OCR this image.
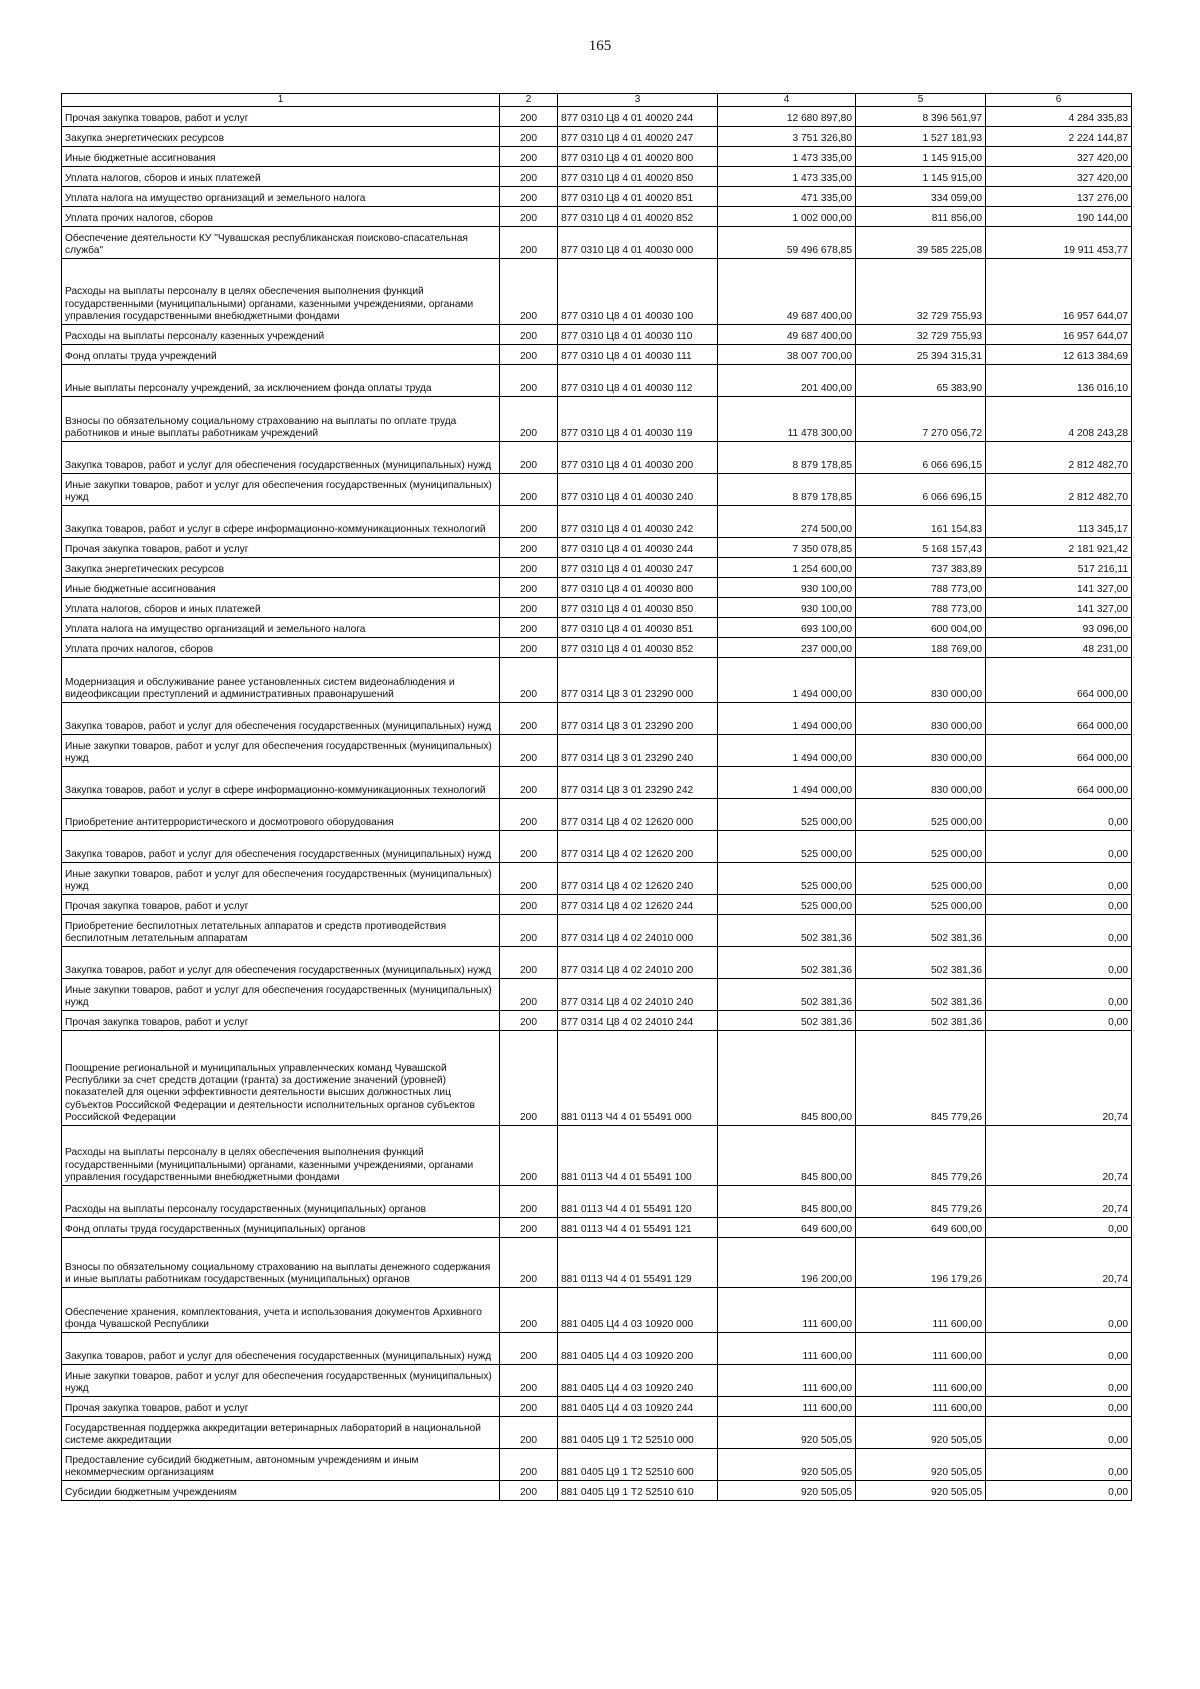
165
1	2	3	4	5	6
Прочая закупка товаров, работ и услуг	200	877 0310 Ц8 4 01 40020 244	12 680 897,80	8 396 561,97	4 284 335,83
Закупка энергетических ресурсов	200	877 0310 Ц8 4 01 40020 247	3 751 326,80	1 527 181,93	2 224 144,87
Иные бюджетные ассигнования	200	877 0310 Ц8 4 01 40020 800	1 473 335,00	1 145 915,00	327 420,00
Уплата налогов, сборов и иных платежей	200	877 0310 Ц8 4 01 40020 850	1 473 335,00	1 145 915,00	327 420,00
Уплата налога на имущество организаций и земельного налога	200	877 0310 Ц8 4 01 40020 851	471 335,00	334 059,00	137 276,00
Уплата прочих налогов, сборов	200	877 0310 Ц8 4 01 40020 852	1 002 000,00	811 856,00	190 144,00
Обеспечение деятельности КУ "Чувашская республиканская поисково-спасательная служба"	200	877 0310 Ц8 4 01 40030 000	59 496 678,85	39 585 225,08	19 911 453,77
Расходы на выплаты персоналу в целях обеспечения выполнения функций государственными (муниципальными) органами, казенными учреждениями, органами управления государственными внебюджетными фондами	200	877 0310 Ц8 4 01 40030 100	49 687 400,00	32 729 755,93	16 957 644,07
Расходы на выплаты персоналу казенных учреждений	200	877 0310 Ц8 4 01 40030 110	49 687 400,00	32 729 755,93	16 957 644,07
Фонд оплаты труда учреждений	200	877 0310 Ц8 4 01 40030 111	38 007 700,00	25 394 315,31	12 613 384,69
Иные выплаты персоналу учреждений, за исключением фонда оплаты труда	200	877 0310 Ц8 4 01 40030 112	201 400,00	65 383,90	136 016,10
Взносы по обязательному социальному страхованию на выплаты по оплате труда работников и иные выплаты работникам учреждений	200	877 0310 Ц8 4 01 40030 119	11 478 300,00	7 270 056,72	4 208 243,28
Закупка товаров, работ и услуг для обеспечения государственных (муниципальных) нужд	200	877 0310 Ц8 4 01 40030 200	8 879 178,85	6 066 696,15	2 812 482,70
Иные закупки товаров, работ и услуг для обеспечения государственных (муниципальных) нужд	200	877 0310 Ц8 4 01 40030 240	8 879 178,85	6 066 696,15	2 812 482,70
Закупка товаров, работ и услуг в сфере информационно-коммуникационных технологий	200	877 0310 Ц8 4 01 40030 242	274 500,00	161 154,83	113 345,17
Прочая закупка товаров, работ и услуг	200	877 0310 Ц8 4 01 40030 244	7 350 078,85	5 168 157,43	2 181 921,42
Закупка энергетических ресурсов	200	877 0310 Ц8 4 01 40030 247	1 254 600,00	737 383,89	517 216,11
Иные бюджетные ассигнования	200	877 0310 Ц8 4 01 40030 800	930 100,00	788 773,00	141 327,00
Уплата налогов, сборов и иных платежей	200	877 0310 Ц8 4 01 40030 850	930 100,00	788 773,00	141 327,00
Уплата налога на имущество организаций и земельного налога	200	877 0310 Ц8 4 01 40030 851	693 100,00	600 004,00	93 096,00
Уплата прочих налогов, сборов	200	877 0310 Ц8 4 01 40030 852	237 000,00	188 769,00	48 231,00
Модернизация и обслуживание ранее установленных систем видеонаблюдения и видеофиксации преступлений и административных правонарушений	200	877 0314 Ц8 3 01 23290 000	1 494 000,00	830 000,00	664 000,00
Закупка товаров, работ и услуг для обеспечения государственных (муниципальных) нужд	200	877 0314 Ц8 3 01 23290 200	1 494 000,00	830 000,00	664 000,00
Иные закупки товаров, работ и услуг для обеспечения государственных (муниципальных) нужд	200	877 0314 Ц8 3 01 23290 240	1 494 000,00	830 000,00	664 000,00
Закупка товаров, работ и услуг в сфере информационно-коммуникационных технологий	200	877 0314 Ц8 3 01 23290 242	1 494 000,00	830 000,00	664 000,00
Приобретение антитеррористического и досмотрового оборудования	200	877 0314 Ц8 4 02 12620 000	525 000,00	525 000,00	0,00
Закупка товаров, работ и услуг для обеспечения государственных (муниципальных) нужд	200	877 0314 Ц8 4 02 12620 200	525 000,00	525 000,00	0,00
Иные закупки товаров, работ и услуг для обеспечения государственных (муниципальных) нужд	200	877 0314 Ц8 4 02 12620 240	525 000,00	525 000,00	0,00
Прочая закупка товаров, работ и услуг	200	877 0314 Ц8 4 02 12620 244	525 000,00	525 000,00	0,00
Приобретение беспилотных летательных аппаратов и средств противодействия беспилотным летательным аппаратам	200	877 0314 Ц8 4 02 24010 000	502 381,36	502 381,36	0,00
Закупка товаров, работ и услуг для обеспечения государственных (муниципальных) нужд	200	877 0314 Ц8 4 02 24010 200	502 381,36	502 381,36	0,00
Иные закупки товаров, работ и услуг для обеспечения государственных (муниципальных) нужд	200	877 0314 Ц8 4 02 24010 240	502 381,36	502 381,36	0,00
Прочая закупка товаров, работ и услуг	200	877 0314 Ц8 4 02 24010 244	502 381,36	502 381,36	0,00
Поощрение региональной и муниципальных управленческих команд Чувашской Республики за счет средств дотации (гранта) за достижение значений (уровней) показателей для оценки эффективности деятельности высших должностных лиц субъектов Российской Федерации и деятельности исполнительных органов субъектов Российской Федерации	200	881 0113 Ч4 4 01 55491 000	845 800,00	845 779,26	20,74
Расходы на выплаты персоналу в целях обеспечения выполнения функций государственными (муниципальными) органами, казенными учреждениями, органами управления государственными внебюджетными фондами	200	881 0113 Ч4 4 01 55491 100	845 800,00	845 779,26	20,74
Расходы на выплаты персоналу государственных (муниципальных) органов	200	881 0113 Ч4 4 01 55491 120	845 800,00	845 779,26	20,74
Фонд оплаты труда государственных (муниципальных) органов	200	881 0113 Ч4 4 01 55491 121	649 600,00	649 600,00	0,00
Взносы по обязательному социальному страхованию на выплаты денежного содержания и иные выплаты работникам государственных (муниципальных) органов	200	881 0113 Ч4 4 01 55491 129	196 200,00	196 179,26	20,74
Обеспечение хранения, комплектования, учета и использования документов Архивного фонда Чувашской Республики	200	881 0405 Ц4 4 03 10920 000	111 600,00	111 600,00	0,00
Закупка товаров, работ и услуг для обеспечения государственных (муниципальных) нужд	200	881 0405 Ц4 4 03 10920 200	111 600,00	111 600,00	0,00
Иные закупки товаров, работ и услуг для обеспечения государственных (муниципальных) нужд	200	881 0405 Ц4 4 03 10920 240	111 600,00	111 600,00	0,00
Прочая закупка товаров, работ и услуг	200	881 0405 Ц4 4 03 10920 244	111 600,00	111 600,00	0,00
Государственная поддержка аккредитации ветеринарных лабораторий в национальной системе аккредитации	200	881 0405 Ц9 1 Т2 52510 000	920 505,05	920 505,05	0,00
Предоставление субсидий бюджетным, автономным учреждениям и иным некоммерческим организациям	200	881 0405 Ц9 1 Т2 52510 600	920 505,05	920 505,05	0,00
Субсидии бюджетным учреждениям	200	881 0405 Ц9 1 Т2 52510 610	920 505,05	920 505,05	0,00
